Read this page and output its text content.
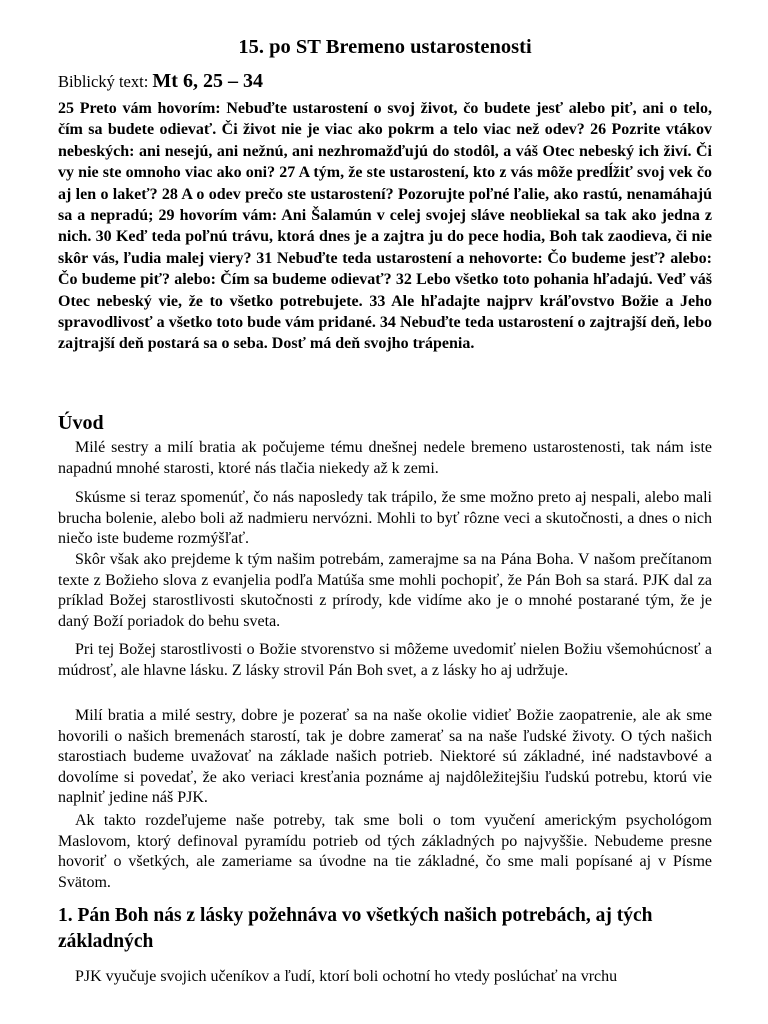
15. po ST Bremeno ustarostenosti
Biblický text: Mt 6, 25 – 34
25 Preto vám hovorím: Nebuďte ustarostení o svoj život, čo budete jesť alebo piť, ani o telo, čím sa budete odievať. Či život nie je viac ako pokrm a telo viac než odev? 26 Pozrite vtákov nebeských: ani nesejú, ani nežnú, ani nezhromažďujú do stodôl, a váš Otec nebeský ich živí. Či vy nie ste omnoho viac ako oni? 27 A tým, že ste ustarostení, kto z vás môže predĺžiť svoj vek čo aj len o lakeť? 28 A o odev prečo ste ustarostení? Pozorujte poľné ľalie, ako rastú, nenamáhajú sa a nepradú; 29 hovorím vám: Ani Šalamún v celej svojej sláve neobliekal sa tak ako jedna z nich. 30 Keď teda poľnú trávu, ktorá dnes je a zajtra ju do pece hodia, Boh tak zaodieva, či nie skôr vás, ľudia malej viery? 31 Nebuďte teda ustarostení a nehovorte: Čo budeme jesť? alebo: Čo budeme piť? alebo: Čím sa budeme odievať? 32 Lebo všetko toto pohania hľadajú. Veď váš Otec nebeský vie, že to všetko potrebujete. 33 Ale hľadajte najprv kráľovstvo Božie a Jeho spravodlivosť a všetko toto bude vám pridané. 34 Nebuďte teda ustarostení o zajtrajší deň, lebo zajtrajší deň postará sa o seba. Dosť má deň svojho trápenia.
Úvod

Milé sestry a milí bratia ak počujeme tému dnešnej nedele bremeno ustarostenosti, tak nám iste napadnú mnohé starosti, ktoré nás tlačia niekedy až k zemi.

Skúsme si teraz spomenúť, čo nás naposledy tak trápilo, že sme možno preto aj nespali, alebo mali brucha bolenie, alebo boli až nadmieru nervózni. Mohli to byť rôzne veci a skutočnosti, a dnes o nich niečo iste budeme rozmýšľať.

Skôr však ako prejdeme k tým našim potrebám, zamerajme sa na Pána Boha. V našom prečítanom texte z Božieho slova z evanjelia podľa Matúša sme mohli pochopiť, že Pán Boh sa stará. PJK dal za príklad Božej starostlivosti skutočnosti z prírody, kde vidíme ako je o mnohé postarané tým, že je daný Boží poriadok do behu sveta.

Pri tej Božej starostlivosti o Božie stvorenstvo si môžeme uvedomiť nielen Božiu všemohúcnosť a múdrosť, ale hlavne lásku. Z lásky strovil Pán Boh svet, a z lásky ho aj udržuje.

Milí bratia a milé sestry, dobre je pozerať sa na naše okolie vidieť Božie zaopatrenie, ale ak sme hovorili o našich bremenách starostí, tak je dobre zamerať sa na naše ľudské životy. O tých našich starostiach budeme uvažovať na základe našich potrieb. Niektoré sú základné, iné nadstavbové a dovolíme si povedať, že ako veriaci kresťania poznáme aj najdôležitejšiu ľudskú potrebu, ktorú vie naplniť jedine náš PJK.

Ak takto rozdeľujeme naše potreby, tak sme boli o tom vyučení americkým psychológom Maslovom, ktorý definoval pyramídu potrieb od tých základných po najvyššie. Nebudeme presne hovoriť o všetkých, ale zameriame sa úvodne na tie základné, čo sme mali popísané aj v Písme Svätom.

1. Pán Boh nás z lásky požehnáva vo všetkých našich potrebách, aj tých základných
PJK vyučuje svojich učeníkov a ľudí, ktorí boli ochotní ho vtedy poslúchať na vrchu
